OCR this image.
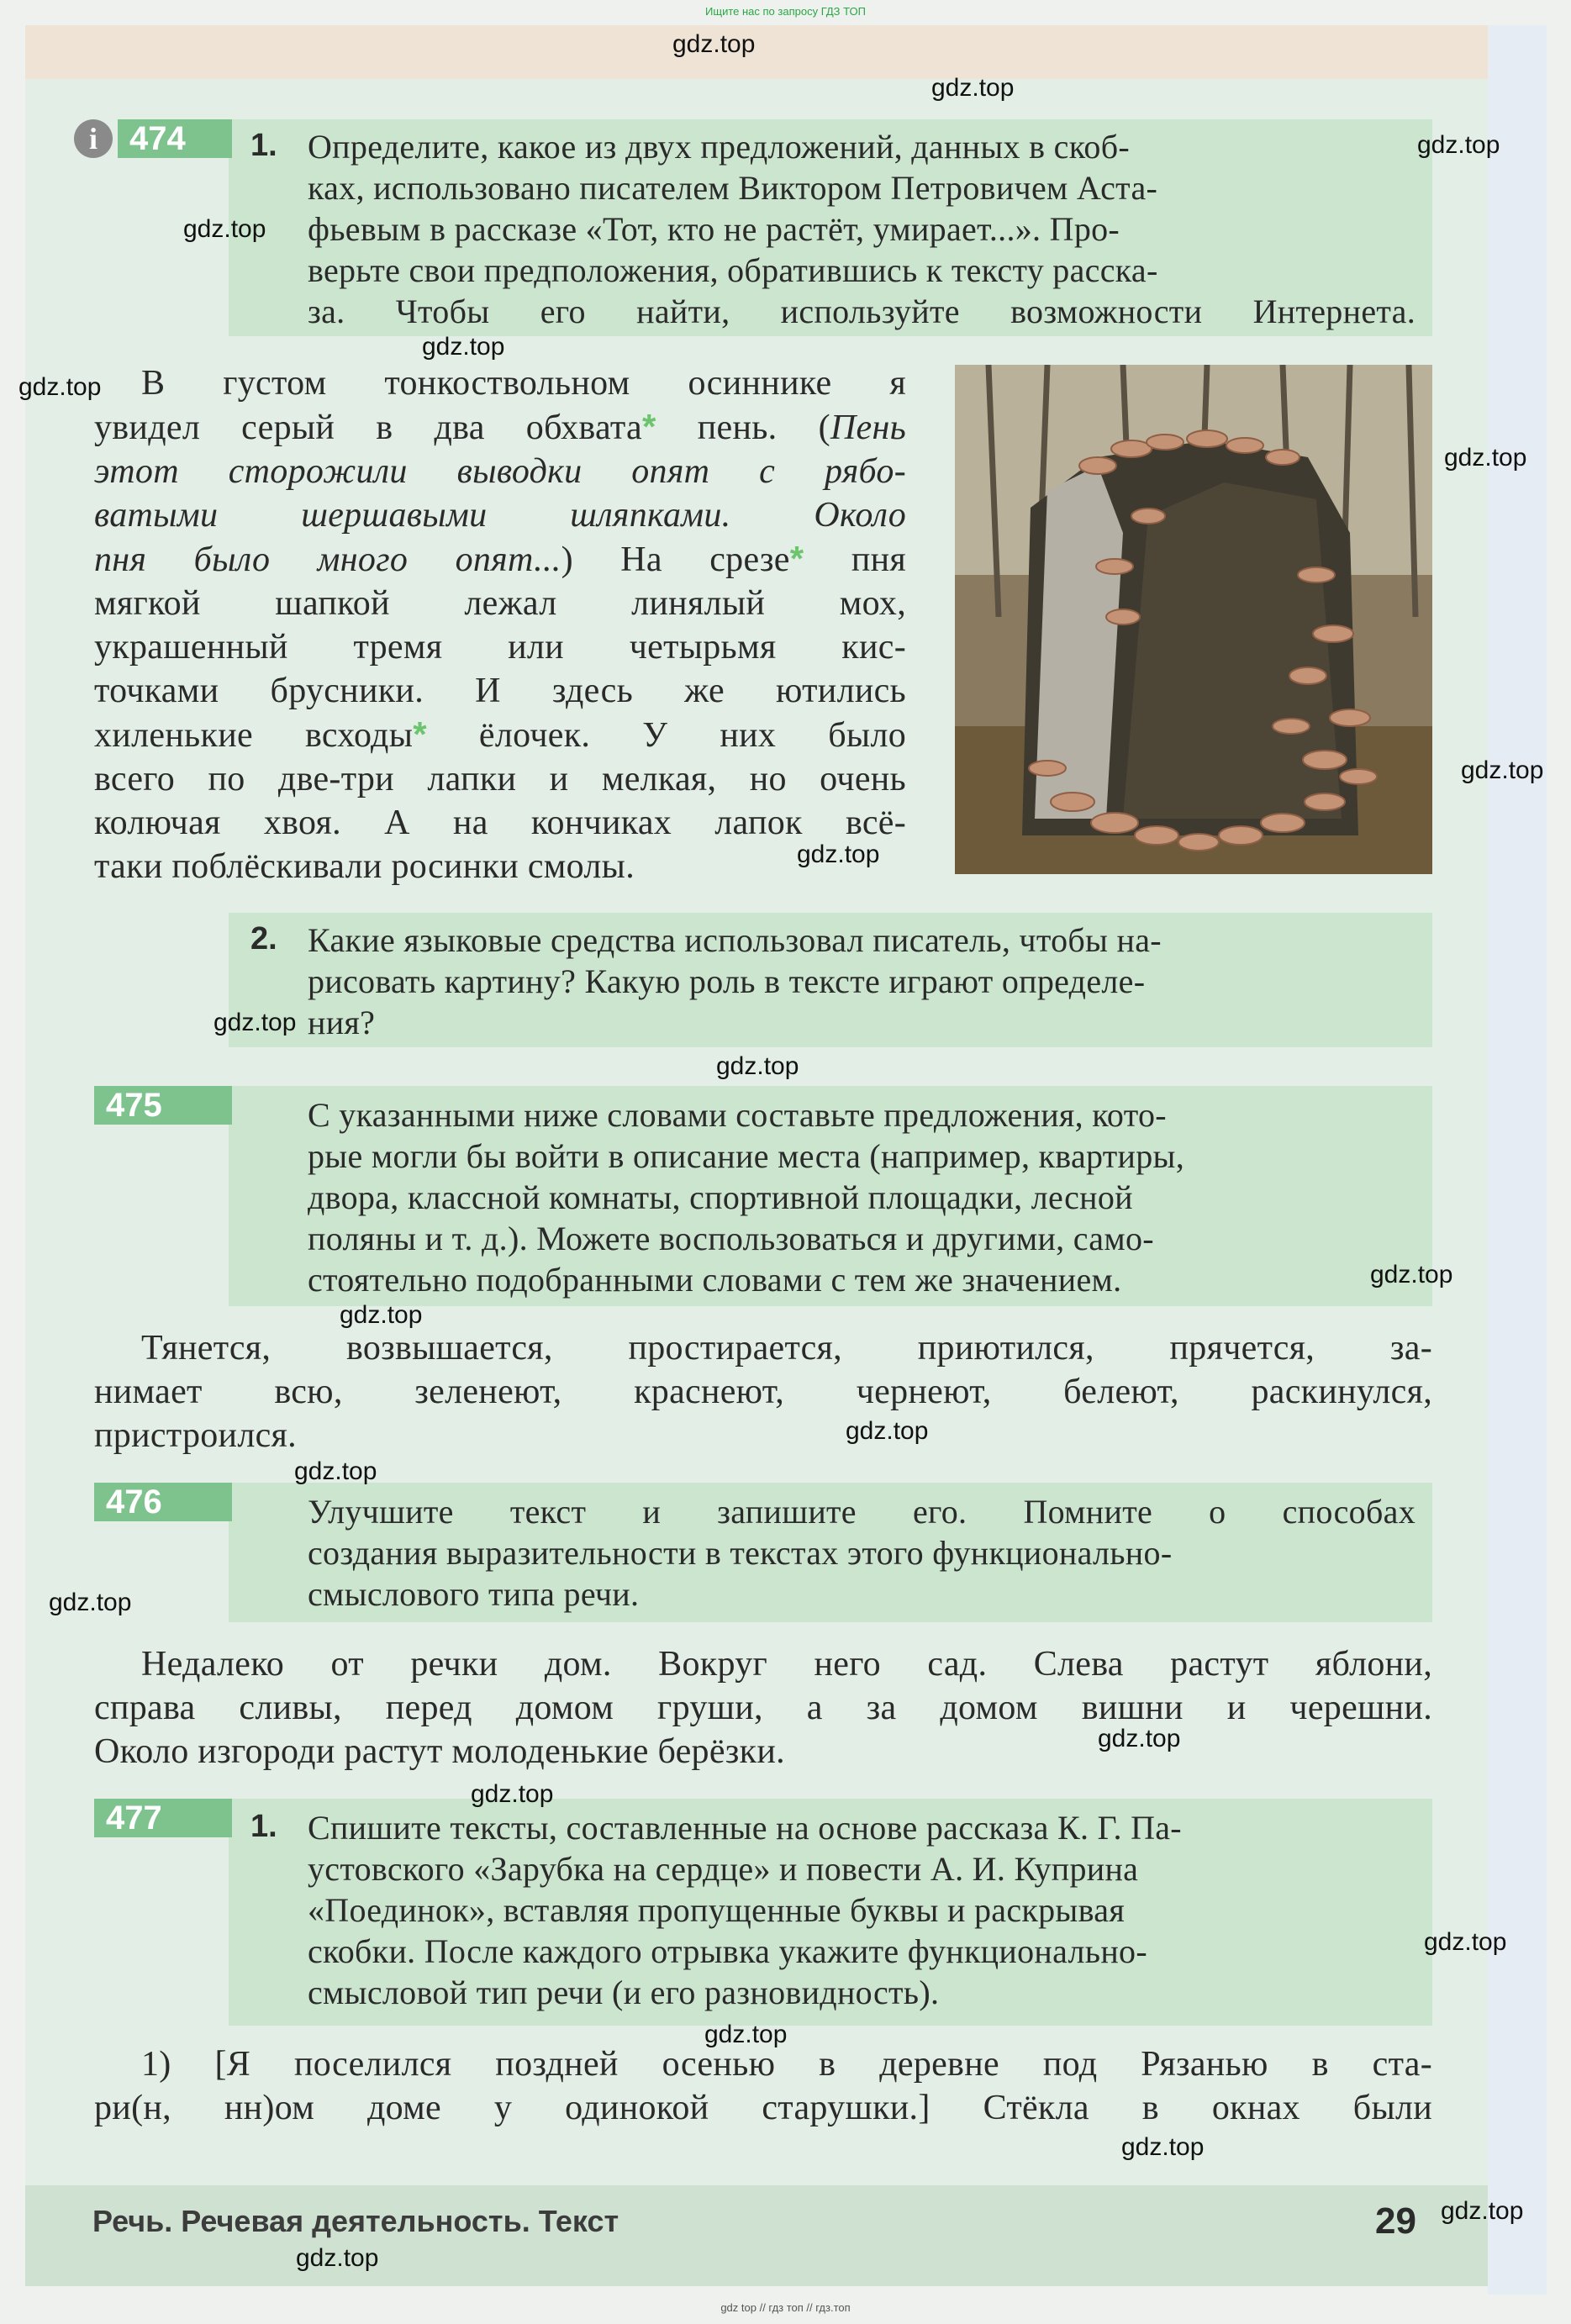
Ищите нас по запросу ГДЗ ТОП
i 474	1. Определите, какое из двух предложений, данных в скоб-
ках, использовано писателем Виктором Петровичем Аста-
фьевым в рассказе «Тот, кто не растёт, умирает...». Про-
верьте свои предположения, обратившись к тексту расска-
за. Чтобы его найти, используйте возможности Интернета.
В густом тонкоствольном осиннике я
увидел серый в два обхвата* пень. (Пень
этот сторожили выводки опят с рябо-
ватыми шершавыми шляпками. Около
пня было много опят...) На срезе* пня
мягкой шапкой лежал линялый мох,
украшенный тремя или четырьмя кис-
точками брусники. И здесь же ютились
хиленькие всходы* ёлочек. У них было
всего по две-три лапки и мелкая, но очень
колючая хвоя. А на кончиках лапок всё-
таки поблёскивали росинки смолы.
2. Какие языковые средства использовал писатель, чтобы на-
рисовать картину? Какую роль в тексте играют определе-
ния?
475	С указанными ниже словами составьте предложения, кото-
рые могли бы войти в описание места (например, квартиры,
двора, классной комнаты, спортивной площадки, лесной
поляны и т. д.). Можете воспользоваться и другими, само-
стоятельно подобранными словами с тем же значением.
Тянется, возвышается, простирается, приютился, прячется, за-
нимает всю, зеленеют, краснеют, чернеют, белеют, раскинулся,
пристроился.
476	Улучшите текст и запишите его. Помните о способах
создания выразительности в текстах этого функционально-
смыслового типа речи.
Недалеко от речки дом. Вокруг него сад. Слева растут яблони,
справа сливы, перед домом груши, а за домом вишни и черешни.
Около изгороди растут молоденькие берёзки.
477	1. Спишите тексты, составленные на основе рассказа К. Г. Па-
устовского «Зарубка на сердце» и повести А. И. Куприна
«Поединок», вставляя пропущенные буквы и раскрывая
скобки. После каждого отрывка укажите функционально-
смысловой тип речи (и его разновидность).
1) [Я поселился поздней осенью в деревне под Рязанью в ста-
ри(н, нн)ом доме у одинокой старушки.] Стёкла в окнах были
Речь. Речевая деятельность. Текст	29
gdz top // гдз топ // гдз.топ
gdz.top
gdz.top
gdz.top
gdz.top
gdz.top
gdz.top
gdz.top
gdz.top
gdz.top
gdz.top
gdz.top
gdz.top
gdz.top
gdz.top
gdz.top
gdz.top
gdz.top
gdz.top
gdz.top
gdz.top
gdz.top
gdz.top
gdz.top
